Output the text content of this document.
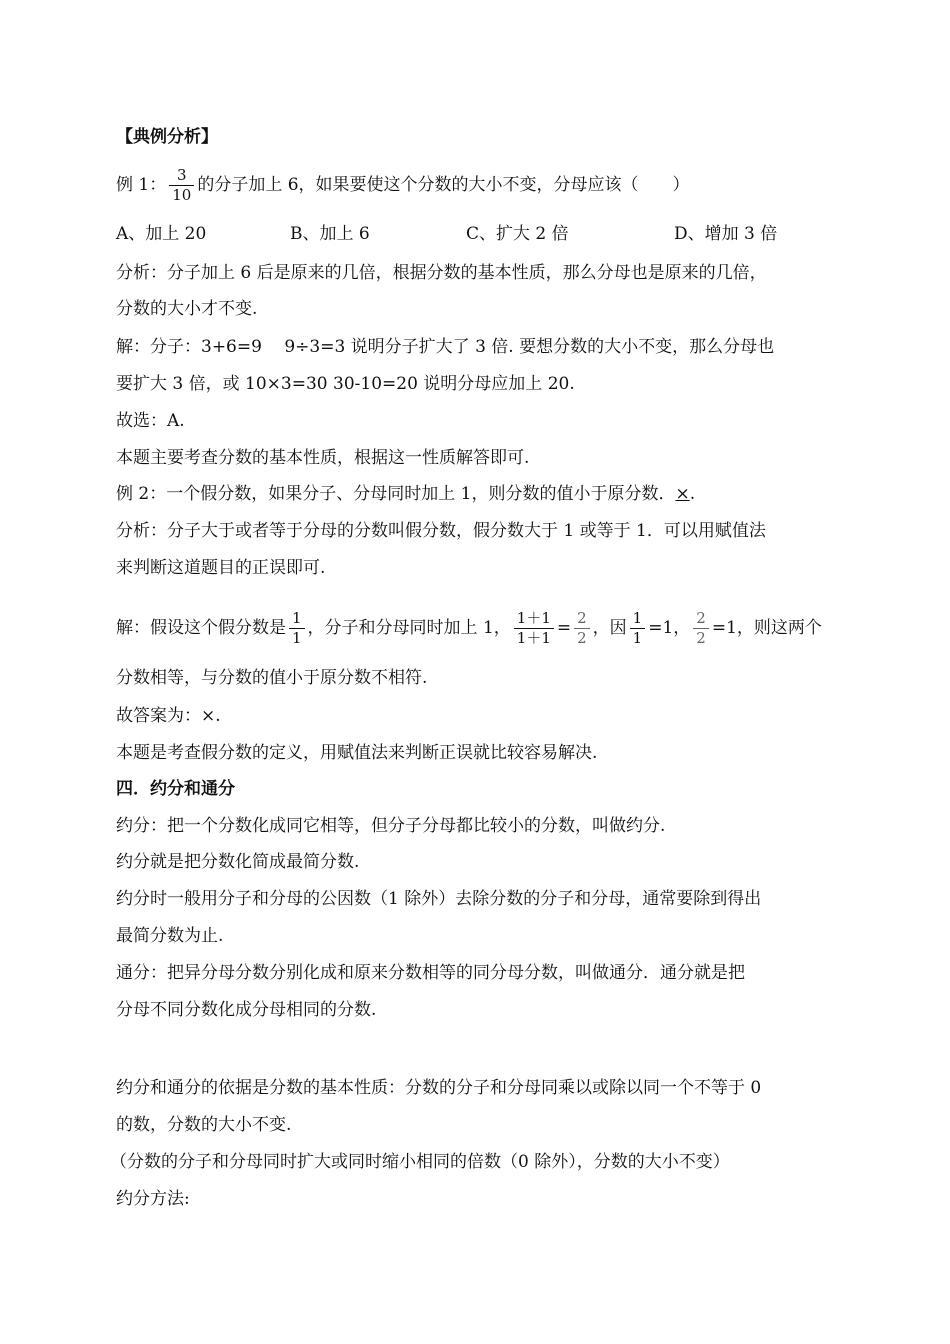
【典例分析】
例 1： $\frac{3}{10}$ 的分子加上 6，如果要使这个分数的大小不变，分母应该（　　）
A、加上 20	B、加上 6	C、扩大 2 倍	D、增加 3 倍
分析：分子加上 6 后是原来的几倍，根据分数的基本性质，那么分母也是原来的几倍，
分数的大小才不变.
解：分子：3+6=9　 9÷3=3 说明分子扩大了 3 倍. 要想分数的大小不变，那么分母也
要扩大 3 倍，或 10×3=30 30-10=20 说明分母应加上 20.
故选：A.
本题主要考查分数的基本性质，根据这一性质解答即可.
例 2：一个假分数，如果分子、分母同时加上 1，则分数的值小于原分数．×.
分析：分子大于或者等于分母的分数叫假分数，假分数大于 1 或等于 1．可以用赋值法
来判断这道题目的正误即可.
解：假设这个假分数是 $\frac{1}{1}$ ，分子和分母同时加上 1， $\frac{1+1}{1+1} = \frac{2}{2}$ ，因 $\frac{1}{1} =1$， $\frac{2}{2} =1$，则这两个
分数相等，与分数的值小于原分数不相符.
故答案为：×.
本题是考查假分数的定义，用赋值法来判断正误就比较容易解决.
四．约分和通分
约分：把一个分数化成同它相等，但分子分母都比较小的分数，叫做约分.
约分就是把分数化简成最简分数.
约分时一般用分子和分母的公因数（1 除外）去除分数的分子和分母，通常要除到得出
最简分数为止.
通分：把异分母分数分别化成和原来分数相等的同分母分数，叫做通分．通分就是把
分母不同分数化成分母相同的分数.
约分和通分的依据是分数的基本性质：分数的分子和分母同乘以或除以同一个不等于 0
的数，分数的大小不变.
（分数的分子和分母同时扩大或同时缩小相同的倍数（0 除外），分数的大小不变）
约分方法:
